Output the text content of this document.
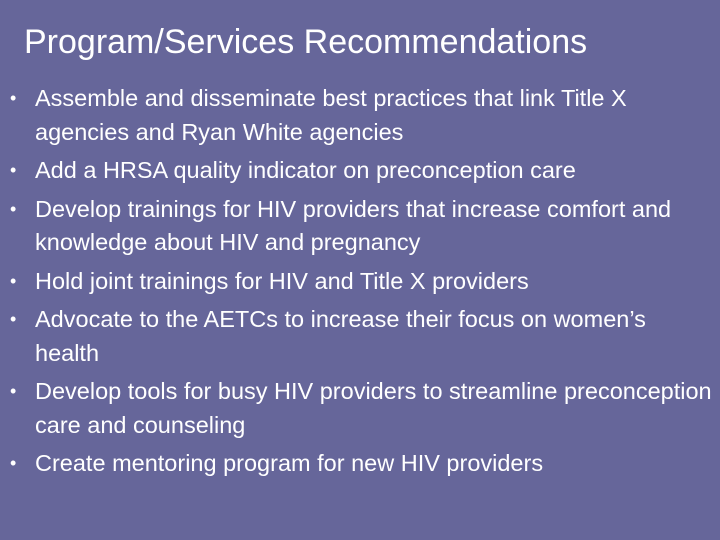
Program/Services Recommendations
• Assemble and disseminate best practices that link Title X agencies and Ryan White agencies
• Add a HRSA quality indicator on preconception care
• Develop trainings for HIV providers that increase comfort and knowledge about HIV and pregnancy
• Hold joint trainings for HIV and Title X providers
• Advocate to the AETCs to increase their focus on women’s health
• Develop tools for busy HIV providers to streamline preconception care and counseling
• Create mentoring program for new HIV providers
